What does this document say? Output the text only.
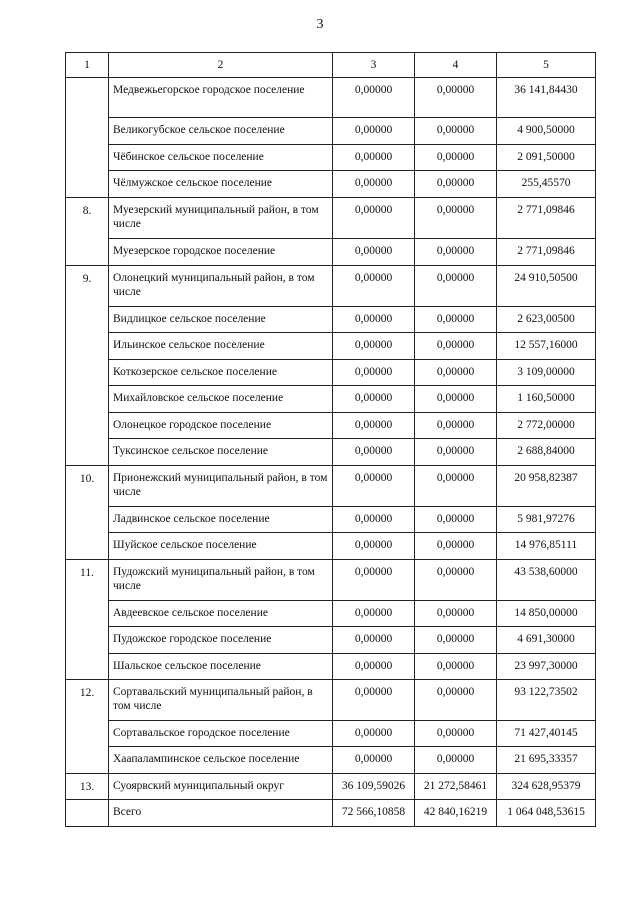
3
1	2	3	4	5
	Медвежьегорское городское поселение	0,00000	0,00000	36 141,84430
	Великогубское сельское поселение	0,00000	0,00000	4 900,50000
	Чёбинское сельское поселение	0,00000	0,00000	2 091,50000
	Чёлмужское сельское поселение	0,00000	0,00000	255,45570
8.	Муезерский муниципальный район, в том числе	0,00000	0,00000	2 771,09846
	Муезерское городское поселение	0,00000	0,00000	2 771,09846
9.	Олонецкий муниципальный район, в том числе	0,00000	0,00000	24 910,50500
	Видлицкое сельское поселение	0,00000	0,00000	2 623,00500
	Ильинское сельское поселение	0,00000	0,00000	12 557,16000
	Коткозерское сельское поселение	0,00000	0,00000	3 109,00000
	Михайловское сельское поселение	0,00000	0,00000	1 160,50000
	Олонецкое городское поселение	0,00000	0,00000	2 772,00000
	Туксинское сельское поселение	0,00000	0,00000	2 688,84000
10.	Прионежский муниципальный район, в том числе	0,00000	0,00000	20 958,82387
	Ладвинское сельское поселение	0,00000	0,00000	5 981,97276
	Шуйское сельское поселение	0,00000	0,00000	14 976,85111
11.	Пудожский муниципальный район, в том числе	0,00000	0,00000	43 538,60000
	Авдеевское сельское поселение	0,00000	0,00000	14 850,00000
	Пудожское городское поселение	0,00000	0,00000	4 691,30000
	Шальское сельское поселение	0,00000	0,00000	23 997,30000
12.	Сортавальский муниципальный район, в том числе	0,00000	0,00000	93 122,73502
	Сортавальское городское поселение	0,00000	0,00000	71 427,40145
	Хаапалампинское сельское поселение	0,00000	0,00000	21 695,33357
13.	Суоярвский муниципальный округ	36 109,59026	21 272,58461	324 628,95379
	Всего	72 566,10858	42 840,16219	1 064 048,53615
